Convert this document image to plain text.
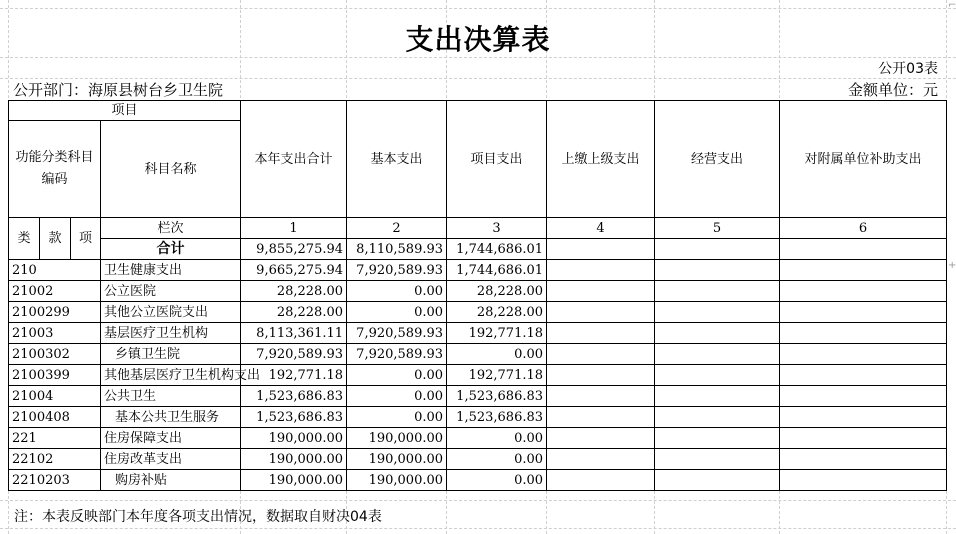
支出决算表
公开03表
公开部门：海原县树台乡卫生院	金额单位：元
项目				本年支出合计	基本支出	项目支出	上缴上级支出	经营支出	对附属单位补助支出
功能分类科目编码			科目名称						

类	款	项	栏次	1	2	3	4	5	6
			合计	9,855,275.94	8,110,589.93	1,744,686.01			
210			卫生健康支出	9,665,275.94	7,920,589.93	1,744,686.01			
21002			公立医院	28,228.00	0.00	28,228.00			
2100299			其他公立医院支出	28,228.00	0.00	28,228.00			
21003			基层医疗卫生机构	8,113,361.11	7,920,589.93	192,771.18			
2100302			乡镇卫生院	7,920,589.93	7,920,589.93	0.00			
2100399			其他基层医疗卫生机构支出	192,771.18	0.00	192,771.18			
21004			公共卫生	1,523,686.83	0.00	1,523,686.83			
2100408			基本公共卫生服务	1,523,686.83	0.00	1,523,686.83			
221			住房保障支出	190,000.00	190,000.00	0.00			
22102			住房改革支出	190,000.00	190,000.00	0.00			
2210203			购房补贴	190,000.00	190,000.00	0.00			
注：本表反映部门本年度各项支出情况，数据取自财决04表
⌐
+
